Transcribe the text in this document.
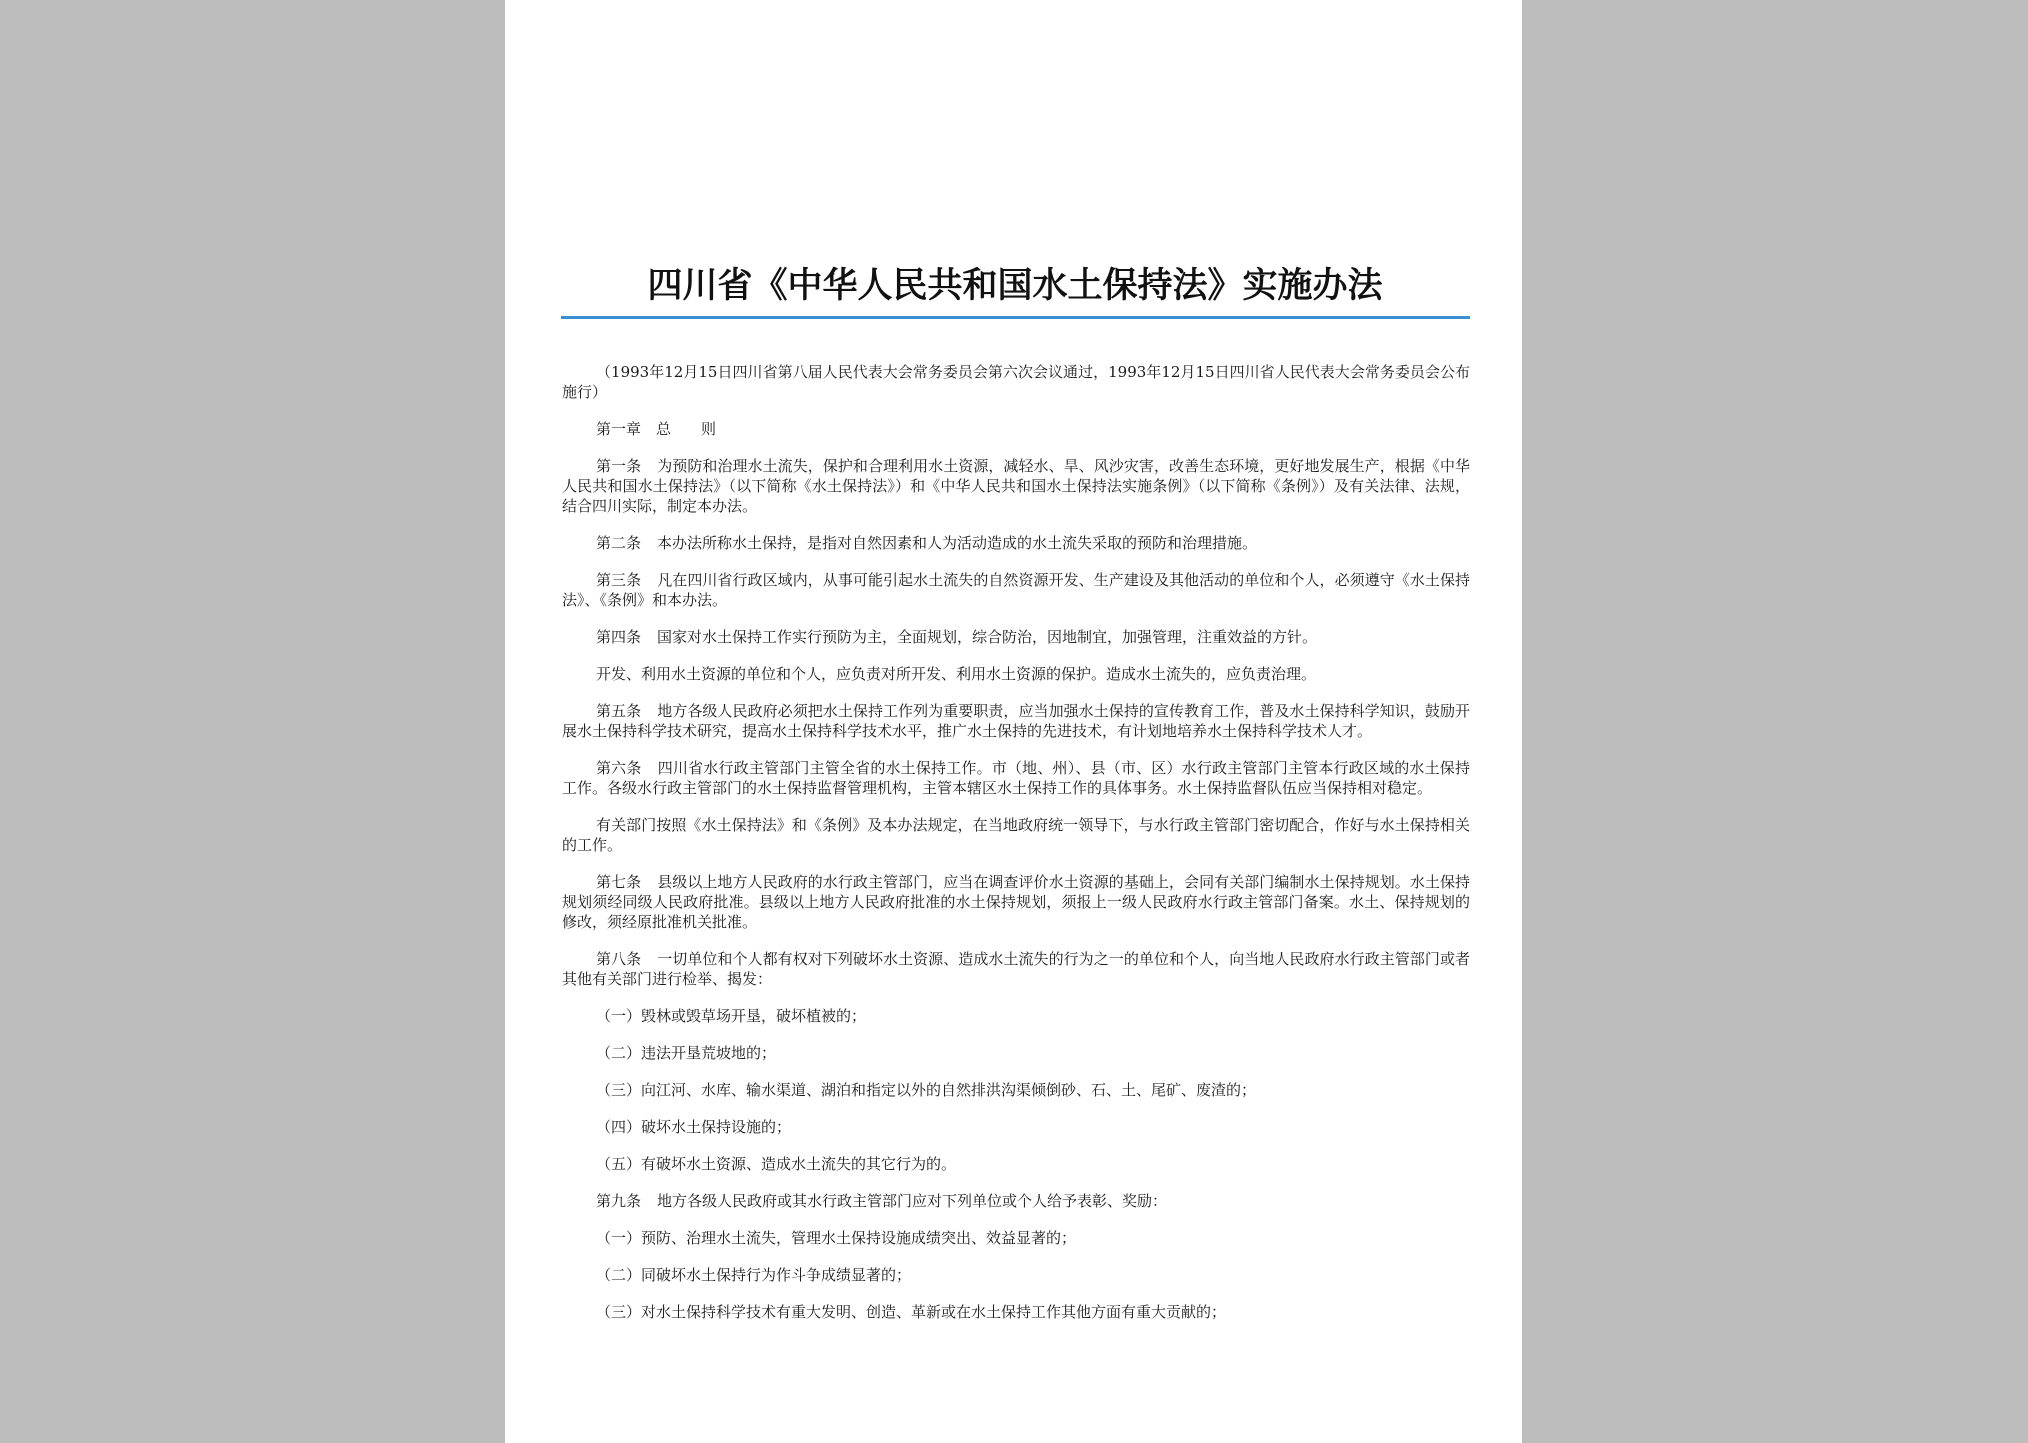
四川省《中华人民共和国水土保持法》实施办法

（1993年12月15日四川省第八届人民代表大会常务委员会第六次会议通过，1993年12月15日四川省人民代表大会常务委员会公布施行）

第一章　总　　则

第一条 为预防和治理水土流失，保护和合理利用水土资源，减轻水、旱、风沙灾害，改善生态环境，更好地发展生产，根据《中华人民共和国水土保持法》（以下简称《水土保持法》）和《中华人民共和国水土保持法实施条例》（以下简称《条例》）及有关法律、法规，结合四川实际，制定本办法。

第二条 本办法所称水土保持，是指对自然因素和人为活动造成的水土流失采取的预防和治理措施。

第三条 凡在四川省行政区域内，从事可能引起水土流失的自然资源开发、生产建设及其他活动的单位和个人，必须遵守《水土保持法》、《条例》和本办法。

第四条 国家对水土保持工作实行预防为主，全面规划，综合防治，因地制宜，加强管理，注重效益的方针。

开发、利用水土资源的单位和个人，应负责对所开发、利用水土资源的保护。造成水土流失的，应负责治理。

第五条 地方各级人民政府必须把水土保持工作列为重要职责，应当加强水土保持的宣传教育工作，普及水土保持科学知识，鼓励开展水土保持科学技术研究，提高水土保持科学技术水平，推广水土保持的先进技术，有计划地培养水土保持科学技术人才。

第六条 四川省水行政主管部门主管全省的水土保持工作。市（地、州）、县（市、区）水行政主管部门主管本行政区域的水土保持工作。各级水行政主管部门的水土保持监督管理机构，主管本辖区水土保持工作的具体事务。水土保持监督队伍应当保持相对稳定。

有关部门按照《水土保持法》和《条例》及本办法规定，在当地政府统一领导下，与水行政主管部门密切配合，作好与水土保持相关的工作。

第七条 县级以上地方人民政府的水行政主管部门，应当在调查评价水土资源的基础上，会同有关部门编制水土保持规划。水土保持规划须经同级人民政府批准。县级以上地方人民政府批准的水土保持规划，须报上一级人民政府水行政主管部门备案。水土、保持规划的修改，须经原批准机关批准。

第八条 一切单位和个人都有权对下列破坏水土资源、造成水土流失的行为之一的单位和个人，向当地人民政府水行政主管部门或者其他有关部门进行检举、揭发：

（一）毁林或毁草场开垦，破坏植被的；

（二）违法开垦荒坡地的；

（三）向江河、水库、输水渠道、湖泊和指定以外的自然排洪沟渠倾倒砂、石、土、尾矿、废渣的；

（四）破坏水土保持设施的；

（五）有破坏水土资源、造成水土流失的其它行为的。

第九条 地方各级人民政府或其水行政主管部门应对下列单位或个人给予表彰、奖励：

（一）预防、治理水土流失，管理水土保持设施成绩突出、效益显著的；

（二）同破坏水土保持行为作斗争成绩显著的；

（三）对水土保持科学技术有重大发明、创造、革新或在水土保持工作其他方面有重大贡献的；
